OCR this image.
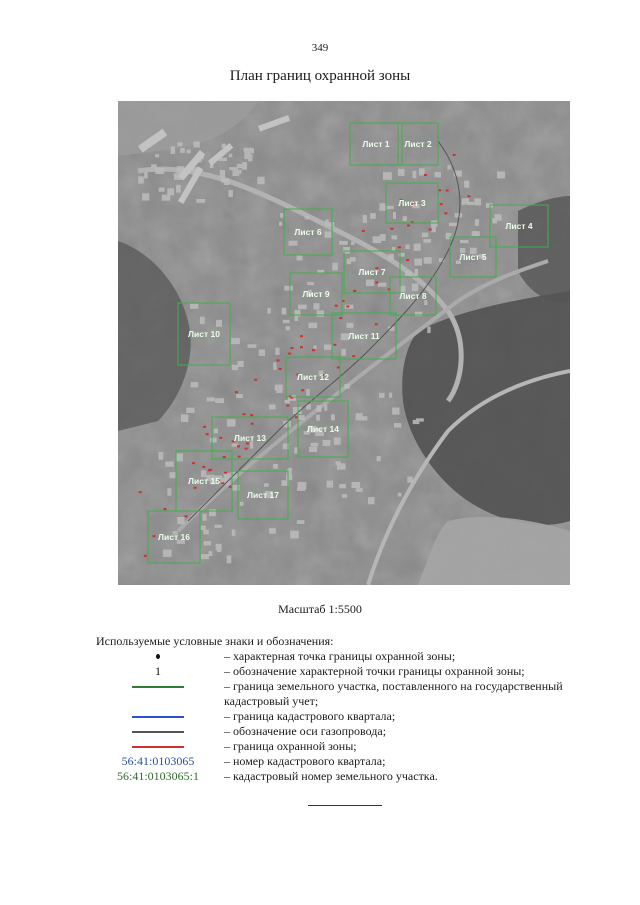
349
План границ охранной зоны
Лист 1 Лист 2
Лист 3
Лист 4
Лист 5
Лист 6
Лист 7
Лист 8
Лист 9
Лист 10	Лист 11
Лист 12
Лист 13
Лист 14
Лист 15
Лист 16
Лист 17
Масштаб 1:5500
Используемые условные знаки и обозначения:
– характерная точка границы охранной зоны;
1	– обозначение характерной точки границы охранной зоны;
– граница земельного участка, поставленного на государственный кадастровый учет;
– граница кадастрового квартала;
– обозначение оси газопровода;
– граница охранной зоны;
56:41:0103065	– номер кадастрового квартала;
56:41:0103065:1	– кадастровый номер земельного участка.
